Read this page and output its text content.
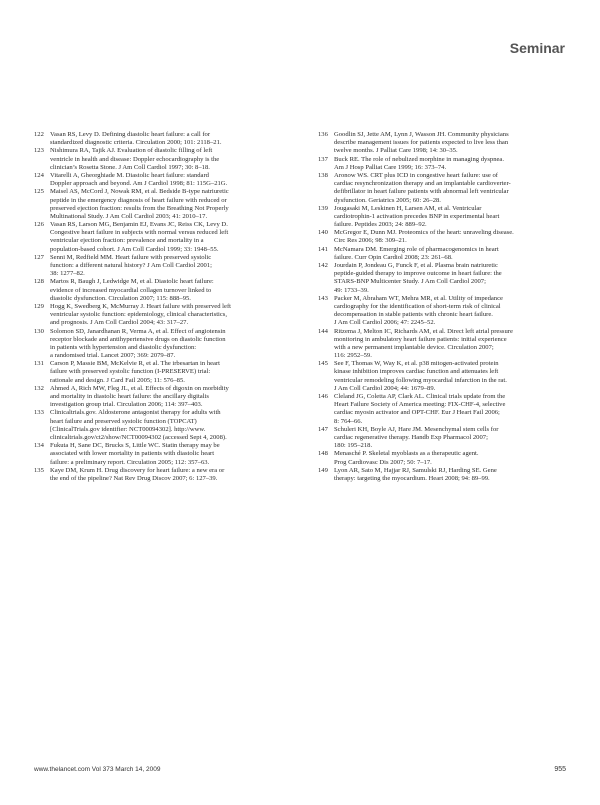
Seminar
122 Vasan RS, Levy D. Defining diastolic heart failure: a call for
standardized diagnostic criteria. Circulation 2000; 101: 2118–21.
123 Nishimura RA, Tajik AJ. Evaluation of diastolic filling of left
ventricle in health and disease: Doppler echocardiography is the
clinician’s Rosetta Stone. J Am Coll Cardiol 1997; 30: 8–18.
124 Vitarelli A, Gheorghiade M. Diastolic heart failure: standard
Doppler approach and beyond. Am J Cardiol 1998; 81: 115G–21G.
125 Maisel AS, McCord J, Nowak RM, et al. Bedside B-type natriuretic
peptide in the emergency diagnosis of heart failure with reduced or
preserved ejection fraction: results from the Breathing Not Properly
Multinational Study. J Am Coll Cardiol 2003; 41: 2010–17.
126 Vasan RS, Larson MG, Benjamin EJ, Evans JC, Reiss CK, Levy D.
Congestive heart failure in subjects with normal versus reduced left
ventricular ejection fraction: prevalence and mortality in a
population-based cohort. J Am Coll Cardiol 1999; 33: 1948–55.
127 Senni M, Redfield MM. Heart failure with preserved systolic
function: a different natural history? J Am Coll Cardiol 2001;
38: 1277–82.
128 Martos R, Baugh J, Ledwidge M, et al. Diastolic heart failure:
evidence of increased myocardial collagen turnover linked to
diastolic dysfunction. Circulation 2007; 115: 888–95.
129 Hogg K, Swedberg K, McMurray J. Heart failure with preserved left
ventricular systolic function: epidemiology, clinical characteristics,
and prognosis. J Am Coll Cardiol 2004; 43: 317–27.
130 Solomon SD, Janardhanan R, Verma A, et al. Effect of angiotensin
receptor blockade and antihypertensive drugs on diastolic function
in patients with hypertension and diastolic dysfunction:
a randomised trial. Lancet 2007; 369: 2079–87.
131 Carson P, Massie BM, McKelvie R, et al. The irbesartan in heart
failure with preserved systolic function (I-PRESERVE) trial:
rationale and design. J Card Fail 2005; 11: 576–85.
132 Ahmed A, Rich MW, Fleg JL, et al. Effects of digoxin on morbidity
and mortality in diastolic heart failure: the ancillary digitalis
investigation group trial. Circulation 2006; 114: 397–403.
133 Clinicaltrials.gov. Aldosterone antagonist therapy for adults with
heart failure and preserved systolic function (TOPCAT)
[ClinicalTrials.gov identifier: NCT00094302]. http://www.
clinicaltrials.gov/ct2/show/NCT00094302 (accessed Sept 4, 2008).
134 Fukuta H, Sane DC, Brucks S, Little WC. Statin therapy may be
associated with lower mortality in patients with diastolic heart
failure: a preliminary report. Circulation 2005; 112: 357–63.
135 Kaye DM, Krum H. Drug discovery for heart failure: a new era or
the end of the pipeline? Nat Rev Drug Discov 2007; 6: 127–39.
136 Goodlin SJ, Jette AM, Lynn J, Wasson JH. Community physicians
describe management issues for patients expected to live less than
twelve months. J Palliat Care 1998; 14: 30–35.
137 Buck RE. The role of nebulized morphine in managing dyspnea.
Am J Hosp Palliat Care 1999; 16: 373–74.
138 Aronow WS. CRT plus ICD in congestive heart failure: use of
cardiac resynchronization therapy and an implantable cardioverter-
defibrillator in heart failure patients with abnormal left ventricular
dysfunction. Geriatrics 2005; 60: 26–28.
139 Jougasaki M, Leskinen H, Larsen AM, et al. Ventricular
cardiotrophin-1 activation precedes BNP in experimental heart
failure. Peptides 2003; 24: 889–92.
140 McGregor E, Dunn MJ. Proteomics of the heart: unraveling disease.
Circ Res 2006; 98: 309–21.
141 McNamara DM. Emerging role of pharmacogenomics in heart
failure. Curr Opin Cardiol 2008; 23: 261–68.
142 Jourdain P, Jondeau G, Funck F, et al. Plasma brain natriuretic
peptide-guided therapy to improve outcome in heart failure: the
STARS-BNP Multicenter Study. J Am Coll Cardiol 2007;
49: 1733–39.
143 Packer M, Abraham WT, Mehra MR, et al. Utility of impedance
cardiography for the identification of short-term risk of clinical
decompensation in stable patients with chronic heart failure.
J Am Coll Cardiol 2006; 47: 2245–52.
144 Ritzema J, Melton IC, Richards AM, et al. Direct left atrial pressure
monitoring in ambulatory heart failure patients: initial experience
with a new permanent implantable device. Circulation 2007;
116: 2952–59.
145 See F, Thomas W, Way K, et al. p38 mitogen-activated protein
kinase inhibition improves cardiac function and attenuates left
ventricular remodeling following myocardial infarction in the rat.
J Am Coll Cardiol 2004; 44: 1679–89.
146 Cleland JG, Coletta AP, Clark AL. Clinical trials update from the
Heart Failure Society of America meeting: FIX-CHF-4, selective
cardiac myosin activator and OPT-CHF. Eur J Heart Fail 2006;
8: 764–66.
147 Schuleri KH, Boyle AJ, Hare JM. Mesenchymal stem cells for
cardiac regenerative therapy. Handb Exp Pharmacol 2007;
180: 195–218.
148 Menasché P. Skeletal myoblasts as a therapeutic agent.
Prog Cardiovasc Dis 2007; 50: 7–17.
149 Lyon AR, Sato M, Hajjar RJ, Samulski RJ, Harding SE. Gene
therapy: targeting the myocardium. Heart 2008; 94: 89–99.
www.thelancet.com Vol 373 March 14, 2009	955
